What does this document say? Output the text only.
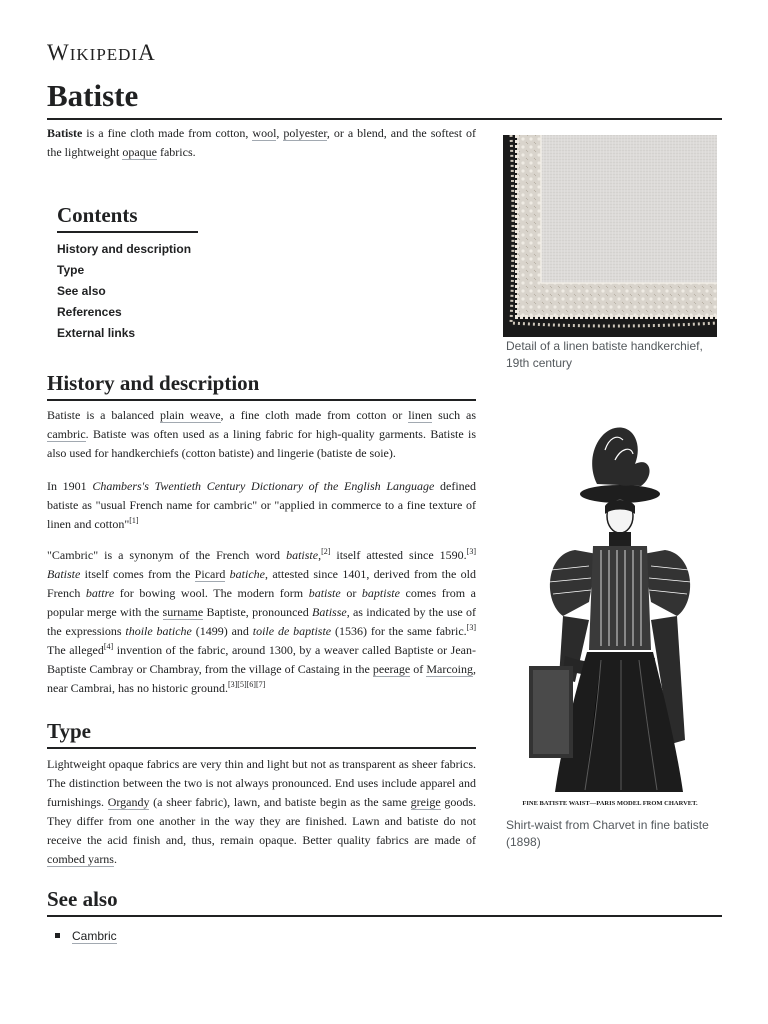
WIKIPEDIA
Batiste

Batiste is a fine cloth made from cotton, wool, polyester, or a blend, and the softest of the lightweight opaque fabrics.

Contents
History and description
Type
See also
References
External links
History and description

Batiste is a balanced plain weave, a fine cloth made from cotton or linen such as cambric. Batiste was often used as a lining fabric for high-quality garments. Batiste is also used for handkerchiefs (cotton batiste) and lingerie (batiste de soie).

In 1901 Chambers's Twentieth Century Dictionary of the English Language defined batiste as "usual French name for cambric" or "applied in commerce to a fine texture of linen and cotton"[1]

"Cambric" is a synonym of the French word batiste,[2] itself attested since 1590.[3] Batiste itself comes from the Picard batiche, attested since 1401, derived from the old French battre for bowing wool. The modern form batiste or baptiste comes from a popular merge with the surname Baptiste, pronounced Batisse, as indicated by the use of the expressions thoile batiche (1499) and toile de baptiste (1536) for the same fabric.[3] The alleged[4] invention of the fabric, around 1300, by a weaver called Baptiste or Jean-Baptiste Cambray or Chambray, from the village of Castaing in the peerage of Marcoing, near Cambrai, has no historic ground.[3][5][6][7]

Type

Lightweight opaque fabrics are very thin and light but not as transparent as sheer fabrics. The distinction between the two is not always pronounced. End uses include apparel and furnishings. Organdy (a sheer fabric), lawn, and batiste begin as the same greige goods. They differ from one another in the way they are finished. Lawn and batiste do not receive the acid finish and, thus, remain opaque. Better quality fabrics are made of combed yarns.

See also
Cambric
Detail of a linen batiste handkerchief, 19th century
FINE BATISTE WAIST—PARIS MODEL FROM CHARVET.
Shirt-waist from Charvet in fine batiste (1898)
